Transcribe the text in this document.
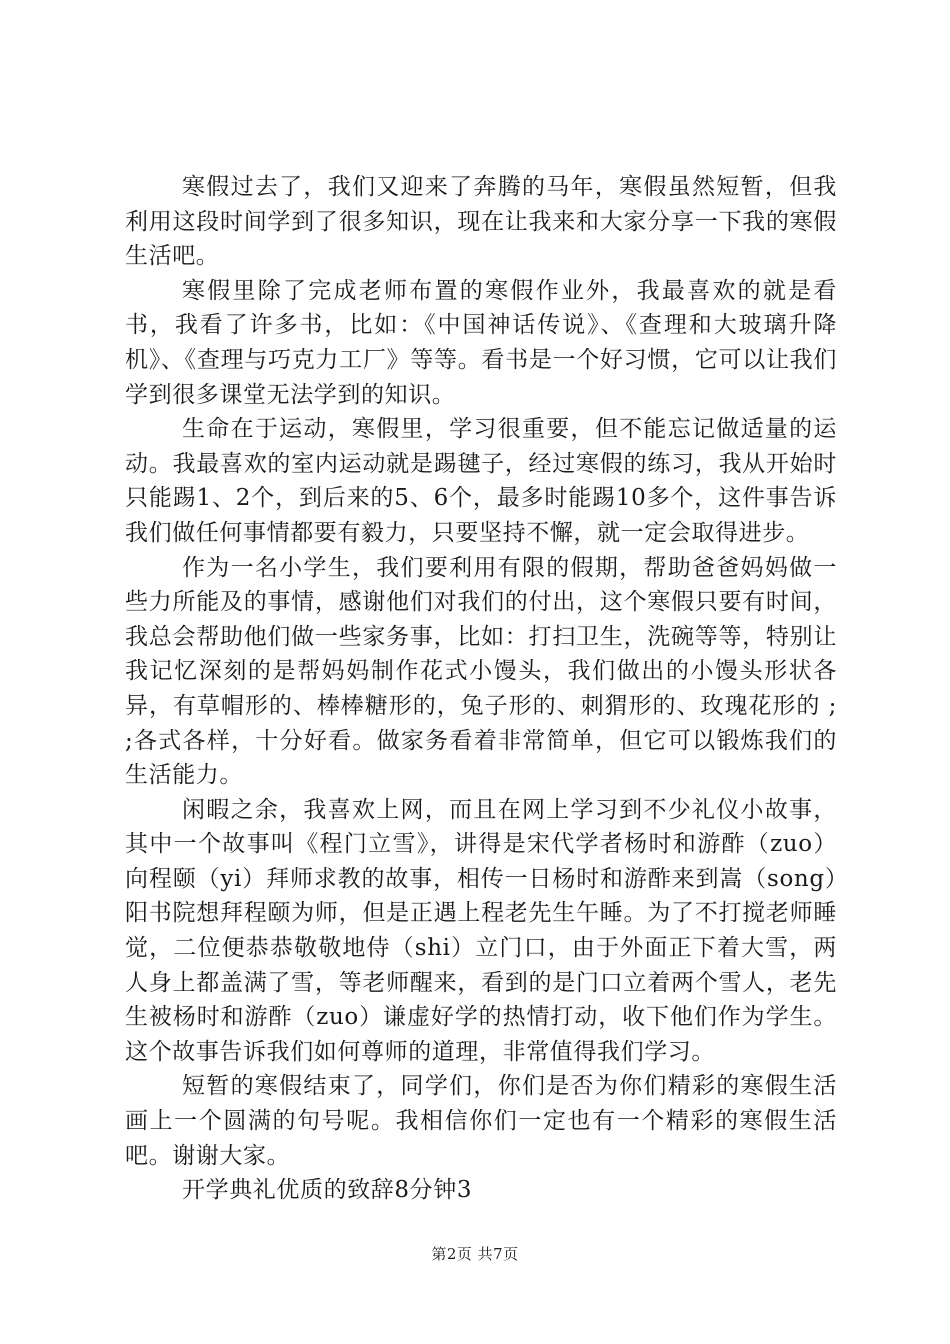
寒假过去了，我们又迎来了奔腾的马年，寒假虽然短暂，但我利用这段时间学到了很多知识，现在让我来和大家分享一下我的寒假生活吧。

寒假里除了完成老师布置的寒假作业外，我最喜欢的就是看书，我看了许多书，比如：《中国神话传说》、《查理和大玻璃升降机》、《查理与巧克力工厂》等等。看书是一个好习惯，它可以让我们学到很多课堂无法学到的知识。

生命在于运动，寒假里，学习很重要，但不能忘记做适量的运动。我最喜欢的室内运动就是踢毽子，经过寒假的练习，我从开始时只能踢1、2个，到后来的5、6个，最多时能踢10多个，这件事告诉我们做任何事情都要有毅力，只要坚持不懈，就一定会取得进步。

作为一名小学生，我们要利用有限的假期，帮助爸爸妈妈做一些力所能及的事情，感谢他们对我们的付出，这个寒假只要有时间，我总会帮助他们做一些家务事，比如：打扫卫生，洗碗等等，特别让我记忆深刻的是帮妈妈制作花式小馒头，我们做出的小馒头形状各异，有草帽形的、棒棒糖形的，兔子形的、刺猬形的、玫瑰花形的 ; ;各式各样，十分好看。做家务看着非常简单，但它可以锻炼我们的生活能力。

闲暇之余，我喜欢上网，而且在网上学习到不少礼仪小故事，其中一个故事叫《程门立雪》，讲得是宋代学者杨时和游酢（zuo）向程颐（yi）拜师求教的故事，相传一日杨时和游酢来到嵩（song）阳书院想拜程颐为师，但是正遇上程老先生午睡。为了不打搅老师睡觉，二位便恭恭敬敬地侍（shi）立门口，由于外面正下着大雪，两人身上都盖满了雪，等老师醒来，看到的是门口立着两个雪人，老先生被杨时和游酢（zuo）谦虚好学的热情打动，收下他们作为学生。这个故事告诉我们如何尊师的道理，非常值得我们学习。

短暂的寒假结束了，同学们，你们是否为你们精彩的寒假生活画上一个圆满的句号呢。我相信你们一定也有一个精彩的寒假生活吧。谢谢大家。

开学典礼优质的致辞8分钟3

第2页 共7页
